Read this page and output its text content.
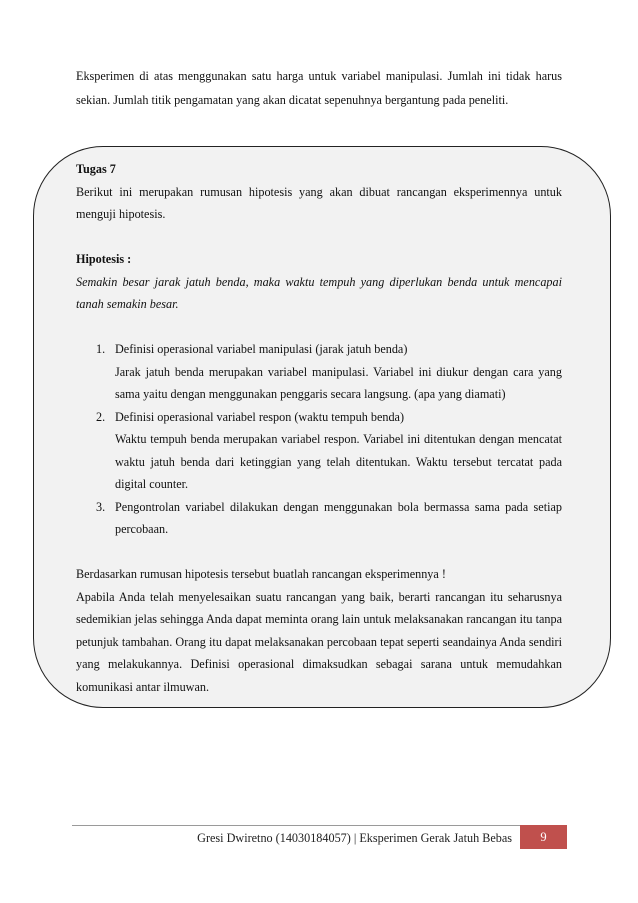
Eksperimen di atas menggunakan satu harga untuk variabel manipulasi. Jumlah ini tidak harus sekian. Jumlah titik pengamatan yang akan dicatat sepenuhnya bergantung pada peneliti.

Tugas 7

Berikut ini merupakan rumusan hipotesis yang akan dibuat rancangan eksperimennya untuk menguji hipotesis.

Hipotesis :

Semakin besar jarak jatuh benda, maka waktu tempuh yang diperlukan benda untuk mencapai tanah semakin besar.

1. Definisi operasional variabel manipulasi (jarak jatuh benda)

Jarak jatuh benda merupakan variabel manipulasi. Variabel ini diukur dengan cara yang sama yaitu dengan menggunakan penggaris secara langsung. (apa yang diamati)

2. Definisi operasional variabel respon (waktu tempuh benda)

Waktu tempuh benda merupakan variabel respon. Variabel ini ditentukan dengan mencatat waktu jatuh benda dari ketinggian yang telah ditentukan. Waktu tersebut tercatat pada digital counter.

3. Pengontrolan variabel dilakukan dengan menggunakan bola bermassa sama pada setiap percobaan.

Berdasarkan rumusan hipotesis tersebut buatlah rancangan eksperimennya !

Apabila Anda telah menyelesaikan suatu rancangan yang baik, berarti rancangan itu seharusnya sedemikian jelas sehingga Anda dapat meminta orang lain untuk melaksanakan rancangan itu tanpa petunjuk tambahan. Orang itu dapat melaksanakan percobaan tepat seperti seandainya Anda sendiri yang melakukannya. Definisi operasional dimaksudkan sebagai sarana untuk memudahkan komunikasi antar ilmuwan.

Gresi Dwiretno (14030184057) | Eksperimen Gerak Jatuh Bebas	9
